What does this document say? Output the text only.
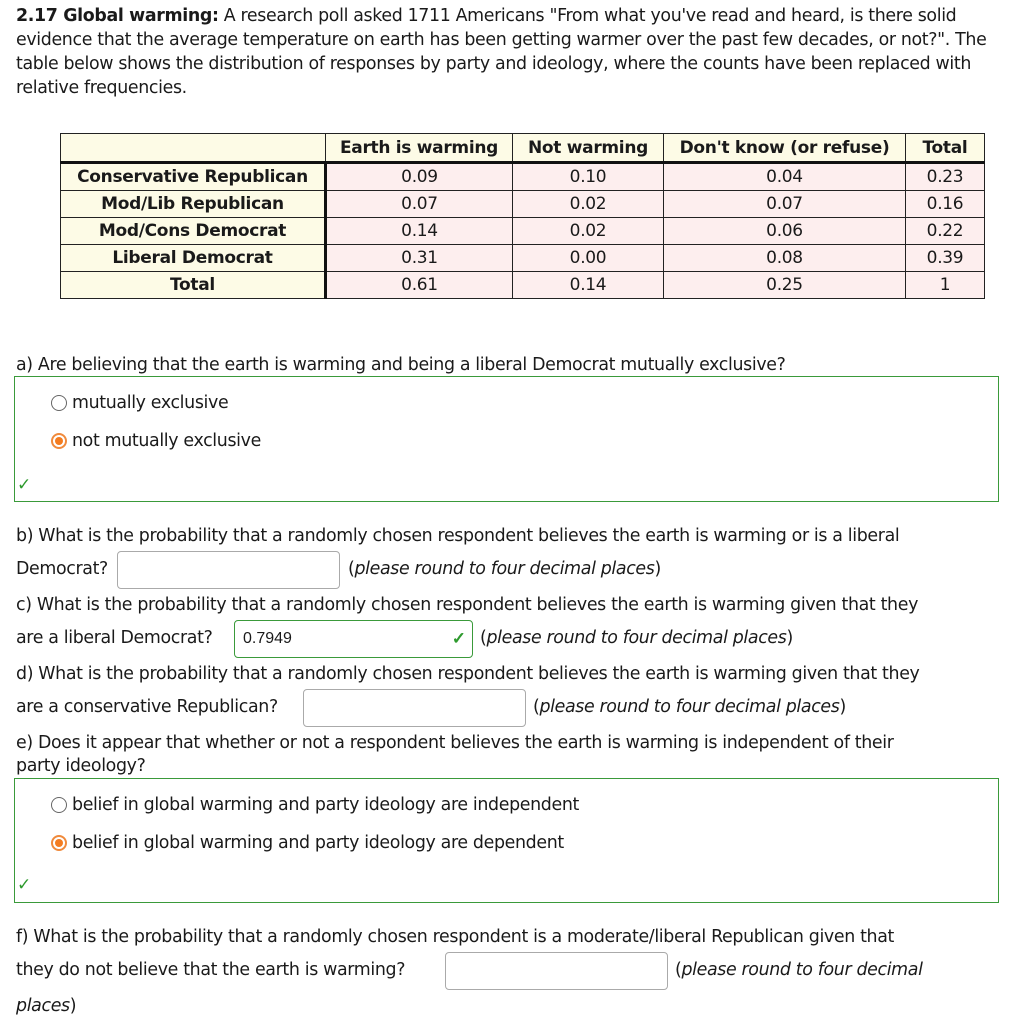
2.17 Global warming: A research poll asked 1711 Americans "From what you've read and heard, is there solid evidence that the average temperature on earth has been getting warmer over the past few decades, or not?". The table below shows the distribution of responses by party and ideology, where the counts have been replaced with relative frequencies.
	Earth is warming	Not warming	Don't know (or refuse)	Total
Conservative Republican	0.09	0.10	0.04	0.23
Mod/Lib Republican	0.07	0.02	0.07	0.16
Mod/Cons Democrat	0.14	0.02	0.06	0.22
Liberal Democrat	0.31	0.00	0.08	0.39
Total	0.61	0.14	0.25	1
a) Are believing that the earth is warming and being a liberal Democrat mutually exclusive?
mutually exclusive
not mutually exclusive
✓
b) What is the probability that a randomly chosen respondent believes the earth is warming or is a liberal
Democrat?	(please round to four decimal places)
c) What is the probability that a randomly chosen respondent believes the earth is warming given that they
are a liberal Democrat? 0.7949	✓ (please round to four decimal places)
d) What is the probability that a randomly chosen respondent believes the earth is warming given that they
are a conservative Republican?	(please round to four decimal places)
e) Does it appear that whether or not a respondent believes the earth is warming is independent of their
party ideology?
belief in global warming and party ideology are independent
belief in global warming and party ideology are dependent
✓
f) What is the probability that a randomly chosen respondent is a moderate/liberal Republican given that
they do not believe that the earth is warming?	(please round to four decimal
places)
